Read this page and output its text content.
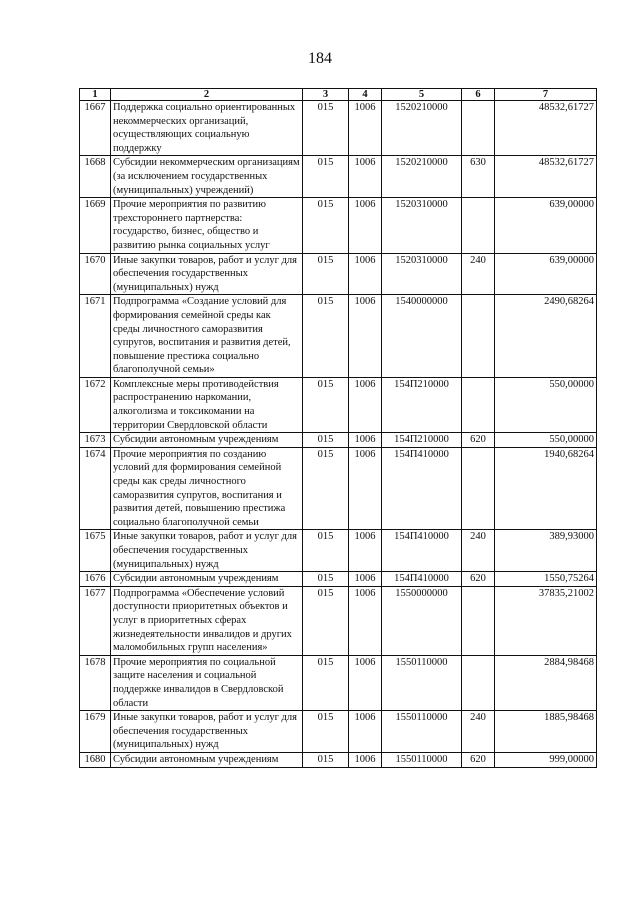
184
1	2	3	4	5	6	7
1667	Поддержка социально ориентированных некоммерческих организаций, осуществляющих социальную поддержку	015	1006	1520210000		48532,61727
1668	Субсидии некоммерческим организациям (за исключением государственных (муниципальных) учреждений)	015	1006	1520210000	630	48532,61727
1669	Прочие мероприятия по развитию трехстороннего партнерства: государство, бизнес, общество и развитию рынка социальных услуг	015	1006	1520310000		639,00000
1670	Иные закупки товаров, работ и услуг для обеспечения государственных (муниципальных) нужд	015	1006	1520310000	240	639,00000
1671	Подпрограмма «Создание условий для формирования семейной среды как среды личностного саморазвития супругов, воспитания и развития детей, повышение престижа социально благополучной семьи»	015	1006	1540000000		2490,68264
1672	Комплексные меры противодействия распространению наркомании, алкоголизма и токсикомании на территории Свердловской области	015	1006	154П210000		550,00000
1673	Субсидии автономным учреждениям	015	1006	154П210000	620	550,00000
1674	Прочие мероприятия по созданию условий для формирования семейной среды как среды личностного саморазвития супругов, воспитания и развития детей, повышению престижа социально благополучной семьи	015	1006	154П410000		1940,68264
1675	Иные закупки товаров, работ и услуг для обеспечения государственных (муниципальных) нужд	015	1006	154П410000	240	389,93000
1676	Субсидии автономным учреждениям	015	1006	154П410000	620	1550,75264
1677	Подпрограмма «Обеспечение условий доступности приоритетных объектов и услуг в приоритетных сферах жизнедеятельности инвалидов и других маломобильных групп населения»	015	1006	1550000000		37835,21002
1678	Прочие мероприятия по социальной защите населения и социальной поддержке инвалидов в Свердловской области	015	1006	1550110000		2884,98468
1679	Иные закупки товаров, работ и услуг для обеспечения государственных (муниципальных) нужд	015	1006	1550110000	240	1885,98468
1680	Субсидии автономным учреждениям	015	1006	1550110000	620	999,00000
